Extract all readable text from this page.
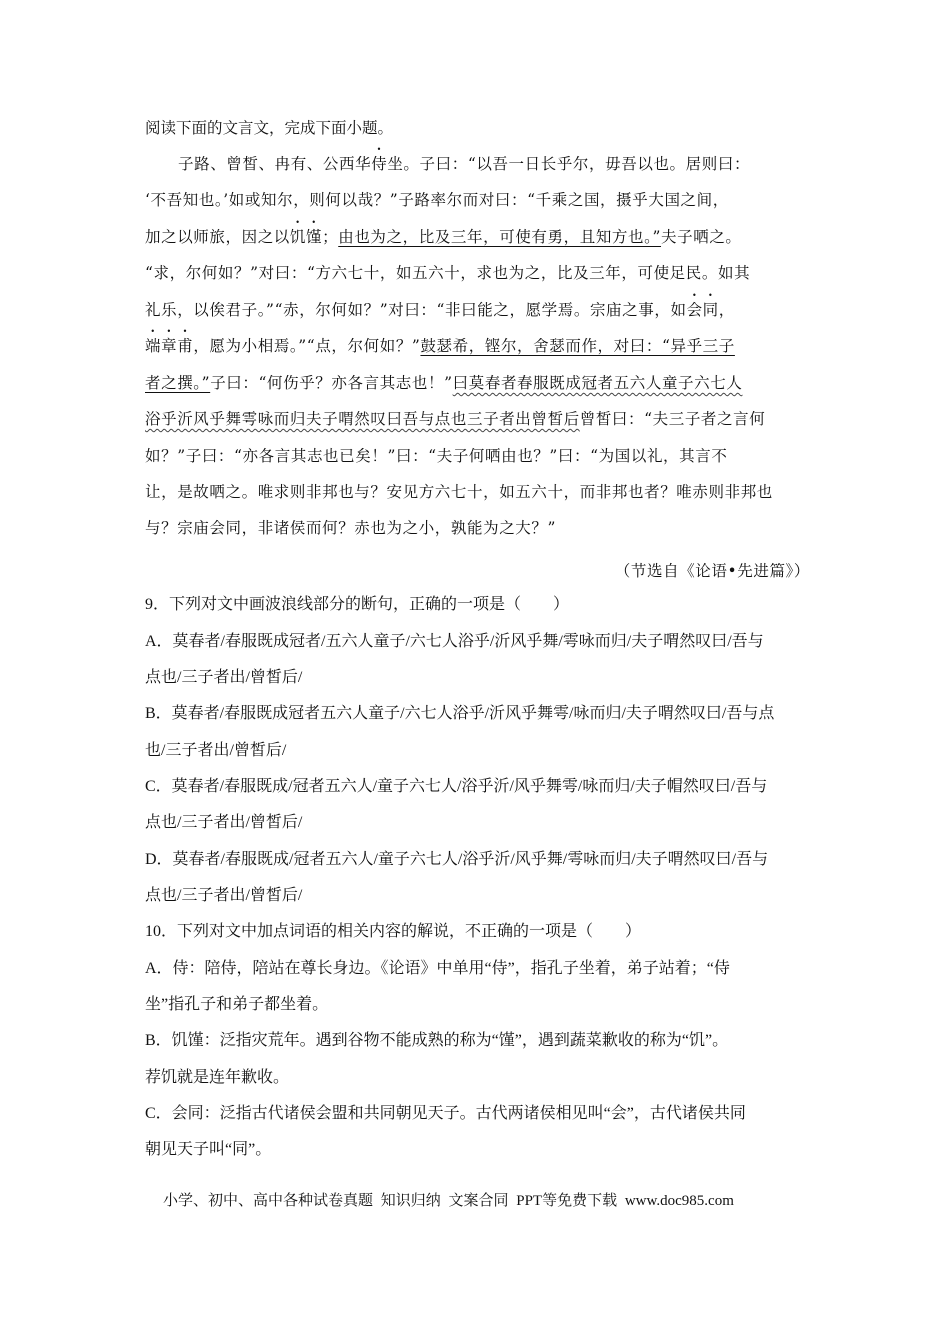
阅读下面的文言文，完成下面小题。
子路、曾皙、冉有、公西华侍坐。子曰：“以吾一日长乎尔，毋吾以也。居则曰：
‘不吾知也。’如或知尔，则何以哉？”子路率尔而对曰：“千乘之国，摄乎大国之间，
加之以师旅，因之以饥馑；由也为之，比及三年，可使有勇，且知方也。”夫子哂之。
“求，尔何如？”对曰：“方六七十，如五六十，求也为之，比及三年，可使足民。如其
礼乐，以俟君子。”“赤，尔何如？”对曰：“非曰能之，愿学焉。宗庙之事，如会同，
端章甫，愿为小相焉。”“点，尔何如？”鼓瑟希，铿尔，舍瑟而作，对曰：“异乎三子
者之撰。”子曰：“何伤乎？亦各言其志也！”曰莫春者春服既成冠者五六人童子六七人
浴乎沂风乎舞雩咏而归夫子喟然叹曰吾与点也三子者出曾皙后曾皙曰：“夫三子者之言何
如？”子曰：“亦各言其志也已矣！”曰：“夫子何哂由也？”曰：“为国以礼，其言不
让，是故哂之。唯求则非邦也与？安见方六七十，如五六十，而非邦也者？唯赤则非邦也
与？宗庙会同，非诸侯而何？赤也为之小，孰能为之大？”
（节选自《论语•先进篇》）
9．下列对文中画波浪线部分的断句，正确的一项是（　　）
A．莫春者/春服既成冠者/五六人童子/六七人浴乎/沂风乎舞/雩咏而归/夫子喟然叹曰/吾与
点也/三子者出/曾皙后/
B．莫春者/春服既成冠者五六人童子/六七人浴乎/沂风乎舞雩/咏而归/夫子喟然叹曰/吾与点
也/三子者出/曾皙后/
C．莫春者/春服既成/冠者五六人/童子六七人/浴乎沂/风乎舞雩/咏而归/夫子帽然叹曰/吾与
点也/三子者出/曾皙后/
D．莫春者/春服既成/冠者五六人/童子六七人/浴乎沂/风乎舞/雩咏而归/夫子喟然叹曰/吾与
点也/三子者出/曾皙后/
10．下列对文中加点词语的相关内容的解说，不正确的一项是（　　）
A．侍：陪侍，陪站在尊长身边。《论语》中单用“侍”，指孔子坐着，弟子站着；“侍
坐”指孔子和弟子都坐着。
B．饥馑：泛指灾荒年。遇到谷物不能成熟的称为“馑”，遇到蔬菜歉收的称为“饥”。
荐饥就是连年歉收。
C．会同：泛指古代诸侯会盟和共同朝见天子。古代两诸侯相见叫“会”，古代诸侯共同
朝见天子叫“同”。
小学、初中、高中各种试卷真题 知识归纳 文案合同 PPT等免费下载 www.doc985.com
